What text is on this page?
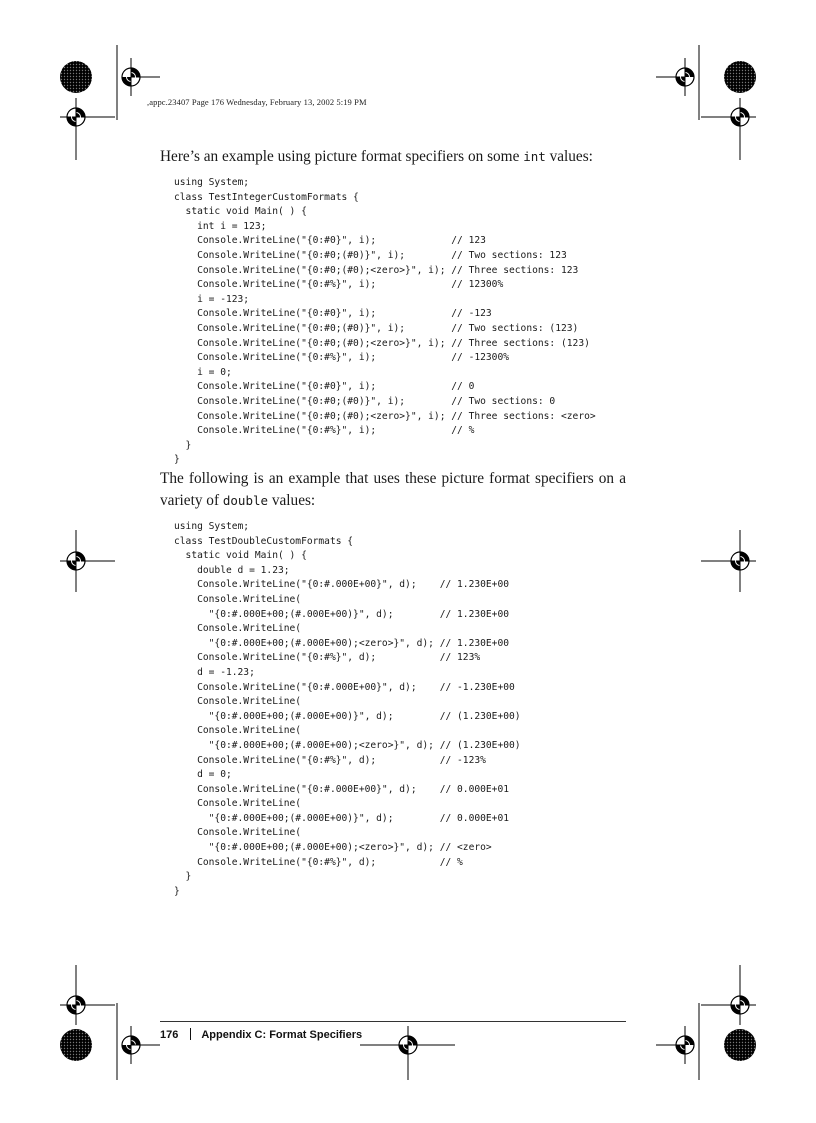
,appc.23407 Page 176 Wednesday, February 13, 2002 5:19 PM

Here’s an example using picture format specifiers on some int values:

using System;
class TestIntegerCustomFormats {
static void Main( ) {
int i = 123;
Console.WriteLine("{0:#0}", i);             // 123
Console.WriteLine("{0:#0;(#0)}", i);        // Two sections: 123
Console.WriteLine("{0:#0;(#0);<zero>}", i); // Three sections: 123
Console.WriteLine("{0:#%}", i);             // 12300%
i = -123;
Console.WriteLine("{0:#0}", i);             // -123
Console.WriteLine("{0:#0;(#0)}", i);        // Two sections: (123)
Console.WriteLine("{0:#0;(#0);<zero>}", i); // Three sections: (123)
Console.WriteLine("{0:#%}", i);             // -12300%
i = 0;
Console.WriteLine("{0:#0}", i);             // 0
Console.WriteLine("{0:#0;(#0)}", i);        // Two sections: 0
Console.WriteLine("{0:#0;(#0);<zero>}", i); // Three sections: <zero>
Console.WriteLine("{0:#%}", i);             // %
}
}

The following is an example that uses these picture format specifiers on a variety of double values:

using System;
class TestDoubleCustomFormats {
static void Main( ) {
double d = 1.23;
Console.WriteLine("{0:#.000E+00}", d);    // 1.230E+00
Console.WriteLine(
"{0:#.000E+00;(#.000E+00)}", d);        // 1.230E+00
Console.WriteLine(
"{0:#.000E+00;(#.000E+00);<zero>}", d); // 1.230E+00
Console.WriteLine("{0:#%}", d);           // 123%
d = -1.23;
Console.WriteLine("{0:#.000E+00}", d);    // -1.230E+00
Console.WriteLine(
"{0:#.000E+00;(#.000E+00)}", d);        // (1.230E+00)
Console.WriteLine(
"{0:#.000E+00;(#.000E+00);<zero>}", d); // (1.230E+00)
Console.WriteLine("{0:#%}", d);           // -123%
d = 0;
Console.WriteLine("{0:#.000E+00}", d);    // 0.000E+01
Console.WriteLine(
"{0:#.000E+00;(#.000E+00)}", d);        // 0.000E+01
Console.WriteLine(
"{0:#.000E+00;(#.000E+00);<zero>}", d); // <zero>
Console.WriteLine("{0:#%}", d);           // %
}
}
176 Appendix C: Format Specifiers
